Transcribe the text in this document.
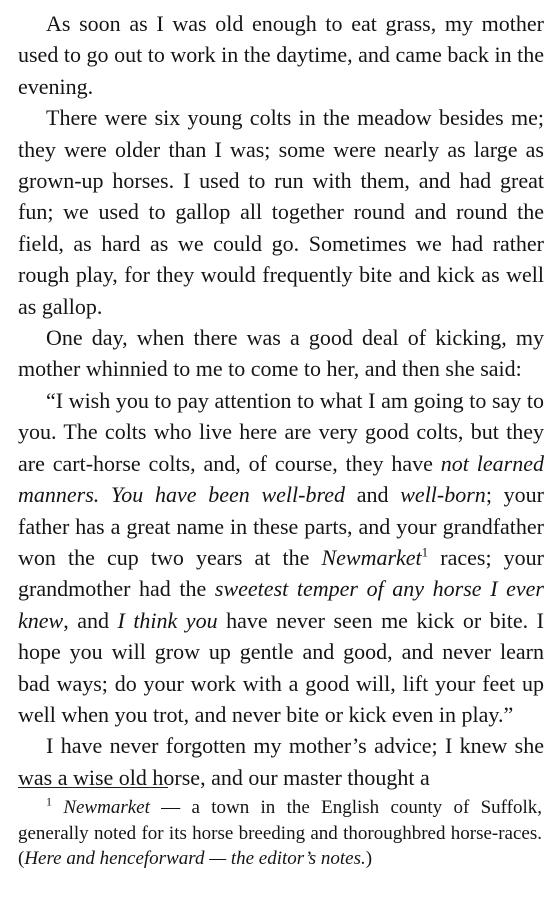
As soon as I was old enough to eat grass, my mother used to go out to work in the daytime, and came back in the evening.

There were six young colts in the meadow besides me; they were older than I was; some were nearly as large as grown-up horses. I used to run with them, and had great fun; we used to gallop all together round and round the field, as hard as we could go. Sometimes we had rather rough play, for they would frequently bite and kick as well as gallop.

One day, when there was a good deal of kicking, my mother whinnied to me to come to her, and then she said:

“I wish you to pay attention to what I am going to say to you. The colts who live here are very good colts, but they are cart-horse colts, and, of course, they have not learned manners. You have been well-bred and well-born; your father has a great name in these parts, and your grandfather won the cup two years at the Newmarket$^1$ races; your grandmother had the sweetest temper of any horse I ever knew, and I think you have never seen me kick or bite. I hope you will grow up gentle and good, and never learn bad ways; do your work with a good will, lift your feet up well when you trot, and never bite or kick even in play.”

I have never forgotten my mother’s advice; I knew she was a wise old horse, and our master thought a

$^1$ Newmarket — a town in the English county of Suffolk, generally noted for its horse breeding and thoroughbred horse-races. (Here and henceforward — the editor’s notes.)
